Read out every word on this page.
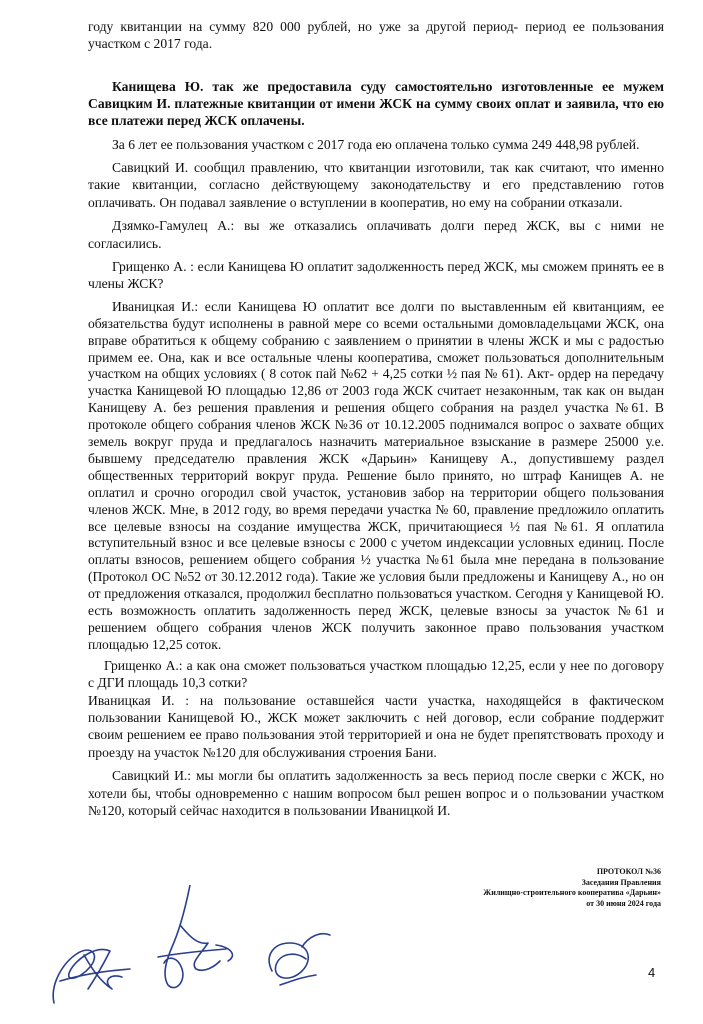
году квитанции на сумму 820 000 рублей, но уже за другой период- период ее пользования участком с 2017 года.

Канищева Ю. так же предоставила суду самостоятельно изготовленные ее мужем Савицким И. платежные квитанции от имени ЖСК на сумму своих оплат и заявила, что ею все платежи перед ЖСК оплачены.

За 6 лет ее пользования участком с 2017 года ею оплачена только сумма 249 448,98 рублей.

Савицкий И. сообщил правлению, что квитанции изготовили, так как считают, что именно такие квитанции, согласно действующему законодательству и его представлению готов оплачивать. Он подавал заявление о вступлении в кооператив, но ему на собрании отказали.

Дзямко-Гамулец А.: вы же отказались оплачивать долги перед ЖСК, вы с ними не согласились.

Грищенко А. : если Канищева Ю оплатит задолженность перед ЖСК, мы сможем принять ее в члены ЖСК?

Иваницкая И.: если Канищева Ю оплатит все долги по выставленным ей квитанциям, ее обязательства будут исполнены в равной мере со всеми остальными домовладельцами ЖСК, она вправе обратиться к общему собранию с заявлением о принятии в члены ЖСК и мы с радостью примем ее. Она, как и все остальные члены кооператива, сможет пользоваться дополнительным участком на общих условиях ( 8 соток пай №62 + 4,25 сотки ½ пая № 61). Акт- ордер на передачу участка Канищевой Ю площадью 12,86 от 2003 года ЖСК считает незаконным, так как он выдан Канищеву А. без решения правления и решения общего собрания на раздел участка №61. В протоколе общего собрания членов ЖСК №36 от 10.12.2005 поднимался вопрос о захвате общих земель вокруг пруда и предлагалось назначить материальное взыскание в размере 25000 у.е. бывшему председателю правления ЖСК «Дарьин» Канищеву А., допустившему раздел общественных территорий вокруг пруда. Решение было принято, но штраф Канищев А. не оплатил и срочно огородил свой участок, установив забор на территории общего пользования членов ЖСК. Мне, в 2012 году, во время передачи участка № 60, правление предложило оплатить все целевые взносы на создание имущества ЖСК, причитающиеся ½ пая №61. Я оплатила вступительный взнос и все целевые взносы с 2000 с учетом индексации условных единиц. После оплаты взносов, решением общего собрания ½ участка №61 была мне передана в пользование (Протокол ОС №52 от 30.12.2012 года). Такие же условия были предложены и Канищеву А., но он от предложения отказался, продолжил бесплатно пользоваться участком. Сегодня у Канищевой Ю. есть возможность оплатить задолженность перед ЖСК, целевые взносы за участок №61 и решением общего собрания членов ЖСК получить законное право пользования участком площадью 12,25 соток.

Грищенко А.: а как она сможет пользоваться участком площадью 12,25, если у нее по договору с ДГИ площадь 10,3 сотки?

Иваницкая И. : на пользование оставшейся части участка, находящейся в фактическом пользовании Канищевой Ю., ЖСК может заключить с ней договор, если собрание поддержит своим решением ее право пользования этой территорией и она не будет препятствовать проходу и проезду на участок №120 для обслуживания строения Бани.

Савицкий И.: мы могли бы оплатить задолженность за весь период после сверки с ЖСК, но хотели бы, чтобы одновременно с нашим вопросом был решен вопрос и о пользовании участком №120, который сейчас находится в пользовании Иваницкой И.

ПРОТОКОЛ №36
Заседания Правления
Жилищно-строительного кооператива «Дарьин»
от 30 июня 2024 года
4
